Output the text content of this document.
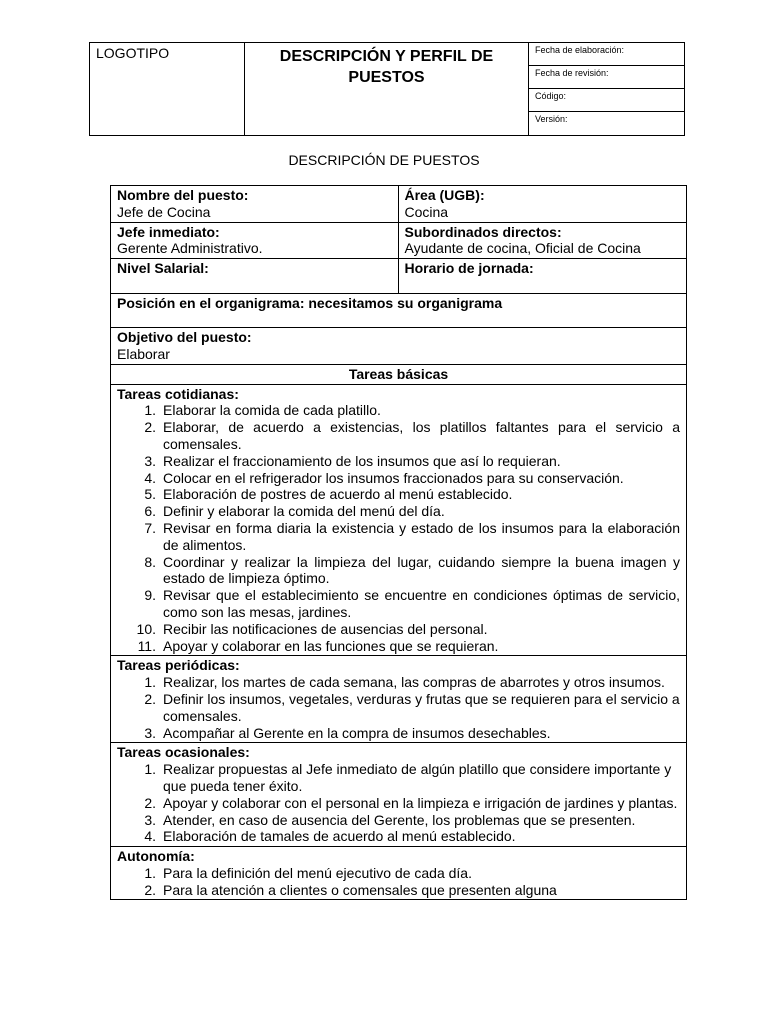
LOGOTIPO	DESCRIPCIÓN Y PERFIL DE PUESTOS
Fecha de elaboración:
Fecha de revisión:
Código:
Versión:
DESCRIPCIÓN DE PUESTOS
Nombre del puesto:
Jefe de Cocina
Área (UGB):
Cocina
Jefe inmediato:
Gerente Administrativo.
Subordinados directos:
Ayudante de cocina, Oficial de Cocina
Nivel Salarial:	Horario de jornada:
Posición en el organigrama: necesitamos su organigrama
Objetivo del puesto:
Elaborar
Tareas básicas
Tareas cotidianas:
1. Elaborar la comida de cada platillo.
2. Elaborar, de acuerdo a existencias, los platillos faltantes para el servicio a comensales.
3. Realizar el fraccionamiento de los insumos que así lo requieran.
4. Colocar en el refrigerador los insumos fraccionados para su conservación.
5. Elaboración de postres de acuerdo al menú establecido.
6. Definir y elaborar la comida del menú del día.
7. Revisar en forma diaria la existencia y estado de los insumos para la elaboración de alimentos.
8. Coordinar y realizar la limpieza del lugar, cuidando siempre la buena imagen y estado de limpieza óptimo.
9. Revisar que el establecimiento se encuentre en condiciones óptimas de servicio, como son las mesas, jardines.
10. Recibir las notificaciones de ausencias del personal.
11. Apoyar y colaborar en las funciones que se requieran.
Tareas periódicas:
1. Realizar, los martes de cada semana, las compras de abarrotes y otros insumos.
2. Definir los insumos, vegetales, verduras y frutas que se requieren para el servicio a comensales.
3. Acompañar al Gerente en la compra de insumos desechables.
Tareas ocasionales:
1. Realizar propuestas al Jefe inmediato de algún platillo que considere importante y que pueda tener éxito.
2. Apoyar y colaborar con el personal en la limpieza e irrigación de jardines y plantas.
3. Atender, en caso de ausencia del Gerente, los problemas que se presenten.
4. Elaboración de tamales de acuerdo al menú establecido.
Autonomía:
1. Para la definición del menú ejecutivo de cada día.
2. Para la atención a clientes o comensales que presenten alguna
